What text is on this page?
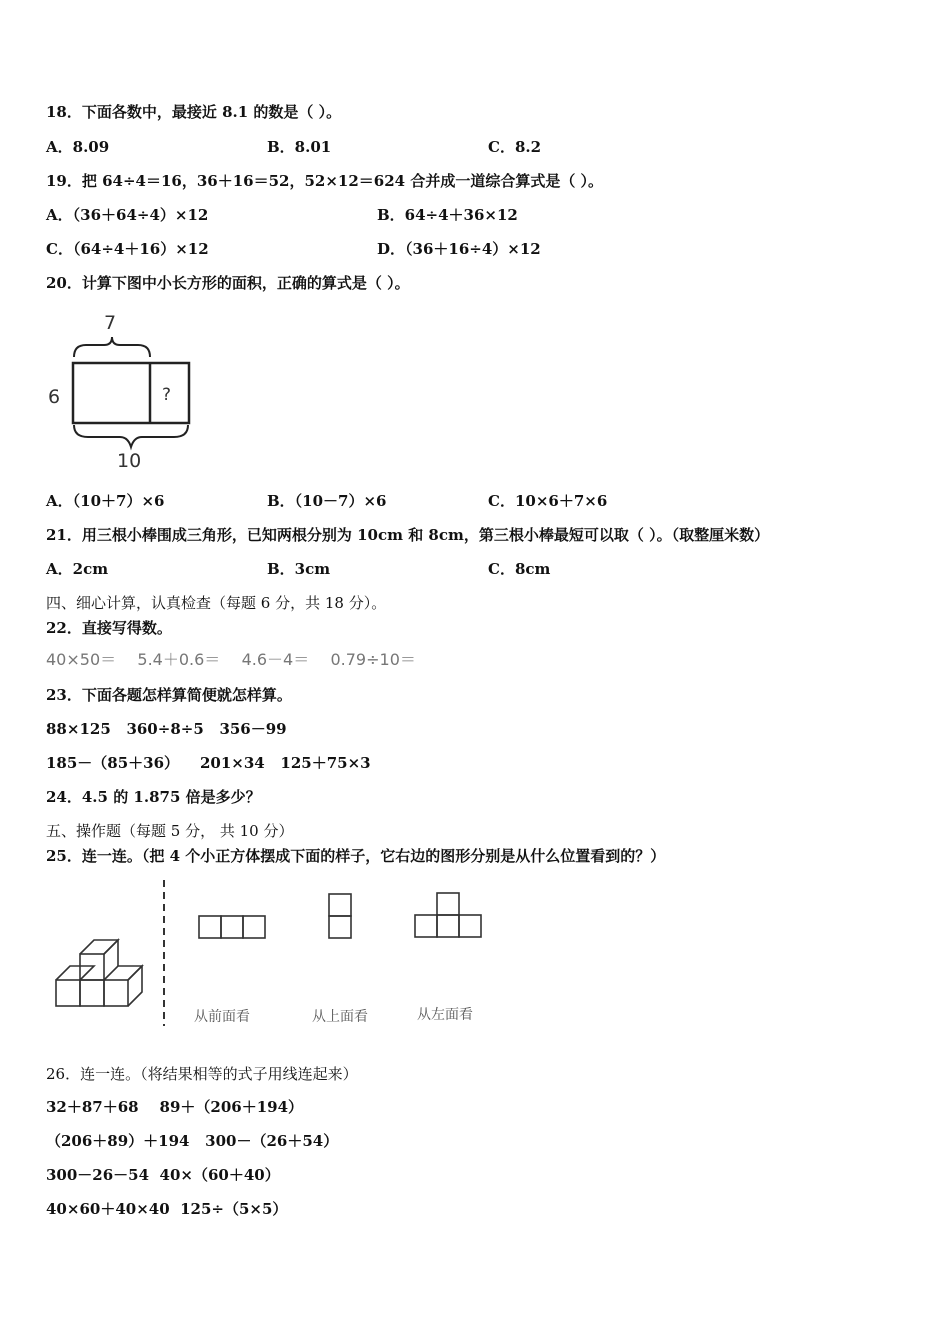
18．下面各数中，最接近 8.1 的数是（ ）。
A．8.09	B．8.01	C．8.2
19．把 64÷4＝16，36＋16＝52，52×12＝624 合并成一道综合算式是（ ）。
A．（36＋64÷4）×12	B．64÷4＋36×12
C．（64÷4＋16）×12	D．（36＋16÷4）×12
20．计算下图中小长方形的面积，正确的算式是（ ）。
7
?
6
10
A．（10＋7）×6	B．（10－7）×6	C．10×6＋7×6
21．用三根小棒围成三角形，已知两根分别为 10cm 和 8cm，第三根小棒最短可以取（ ）。（取整厘米数）
A．2cm	B．3cm	C．8cm
四、细心计算，认真检查（每题 6 分，共 18 分）。
22．直接写得数。
40×50＝ 5.4＋0.6＝ 4.6－4＝ 0.79÷10＝
23．下面各题怎样算简便就怎样算。
88×125 360÷8÷5 356－99
185－（85＋36） 201×34 125＋75×3
24．4.5 的 1.875 倍是多少？
五、操作题（每题 5 分， 共 10 分）
25．连一连。（把 4 个小正方体摆成下面的样子，它右边的图形分别是从什么位置看到的？）
从前面看	从上面看	从左面看
26．连一连。（将结果相等的式子用线连起来）
32＋87＋68 89＋（206＋194）
（206＋89）＋194 300－（26＋54）
300－26－54 40×（60＋40）
40×60＋40×40 125÷（5×5）
